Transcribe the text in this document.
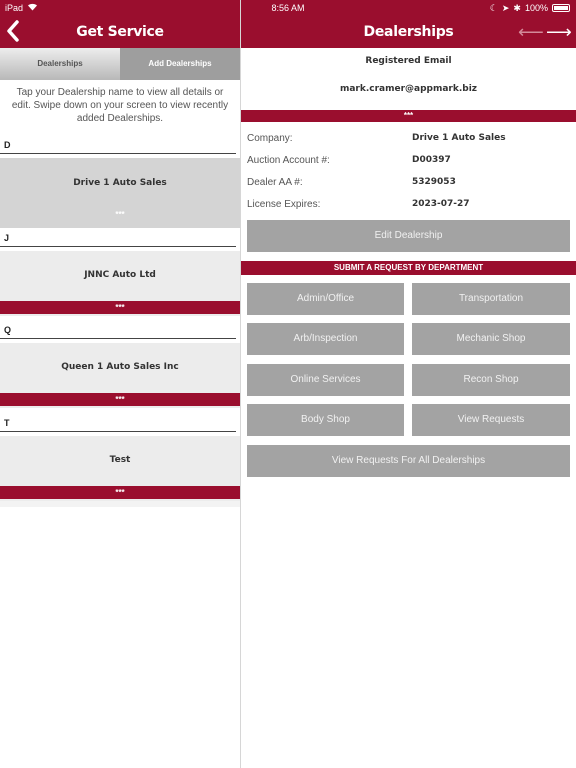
iPad	8:56 AM	☾ ➤ ✱ 100%
Get Service	Dealerships	⟵ ⟶
Dealerships	Add Dealerships
Tap your Dealership name to view all details or edit. Swipe down on your screen to view recently added Dealerships.
D
Drive 1 Auto Sales
***
J
JNNC Auto Ltd
***
Q
Queen 1 Auto Sales Inc
***
T
Test
***
Registered Email
mark.cramer@appmark.biz
***
Company:	Drive 1 Auto Sales
Auction Account #:	D00397
Dealer AA #:	5329053
License Expires:	2023-07-27
Edit Dealership
SUBMIT A REQUEST BY DEPARTMENT
Admin/Office	Transportation
Arb/Inspection	Mechanic Shop
Online Services	Recon Shop
Body Shop	View Requests
View Requests For All Dealerships
